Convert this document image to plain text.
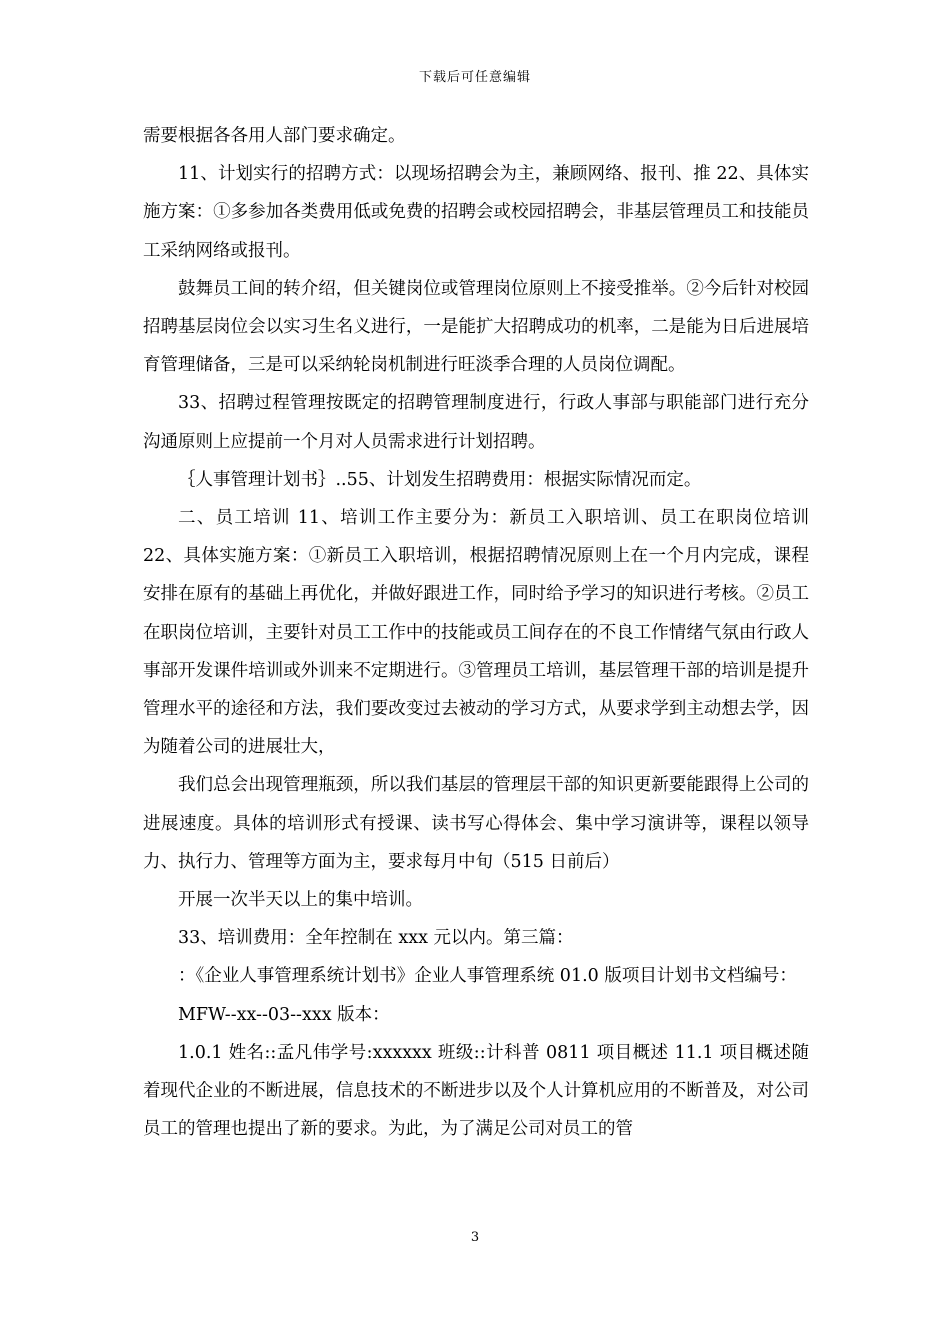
下载后可任意编辑

需要根据各各用人部门要求确定。

11、计划实行的招聘方式：以现场招聘会为主，兼顾网络、报刊、推 22、具体实施方案：①多参加各类费用低或免费的招聘会或校园招聘会，非基层管理员工和技能员工采纳网络或报刊。

鼓舞员工间的转介绍，但关键岗位或管理岗位原则上不接受推举。②今后针对校园招聘基层岗位会以实习生名义进行，一是能扩大招聘成功的机率，二是能为日后进展培育管理储备，三是可以采纳轮岗机制进行旺淡季合理的人员岗位调配。

33、招聘过程管理按既定的招聘管理制度进行，行政人事部与职能部门进行充分沟通原则上应提前一个月对人员需求进行计划招聘。

｛人事管理计划书｝..55、计划发生招聘费用：根据实际情况而定。

二、员工培训 11、培训工作主要分为：新员工入职培训、员工在职岗位培训 22、具体实施方案：①新员工入职培训，根据招聘情况原则上在一个月内完成，课程安排在原有的基础上再优化，并做好跟进工作，同时给予学习的知识进行考核。②员工在职岗位培训，主要针对员工工作中的技能或员工间存在的不良工作情绪气氛由行政人事部开发课件培训或外训来不定期进行。③管理员工培训，基层管理干部的培训是提升管理水平的途径和方法，我们要改变过去被动的学习方式，从要求学到主动想去学，因为随着公司的进展壮大，

我们总会出现管理瓶颈，所以我们基层的管理层干部的知识更新要能跟得上公司的进展速度。具体的培训形式有授课、读书写心得体会、集中学习演讲等，课程以领导力、执行力、管理等方面为主，要求每月中旬（515 日前后）

开展一次半天以上的集中培训。

33、培训费用：全年控制在 xxx 元以内。第三篇：

：《企业人事管理系统计划书》企业人事管理系统 01.0 版项目计划书文档编号：

MFW--xx--03--xxx 版本：

1.0.1 姓名::孟凡伟学号:xxxxxx 班级::计科普 0811 项目概述 11.1 项目概述随着现代企业的不断进展，信息技术的不断进步以及个人计算机应用的不断普及，对公司员工的管理也提出了新的要求。为此，为了满足公司对员工的管

3
